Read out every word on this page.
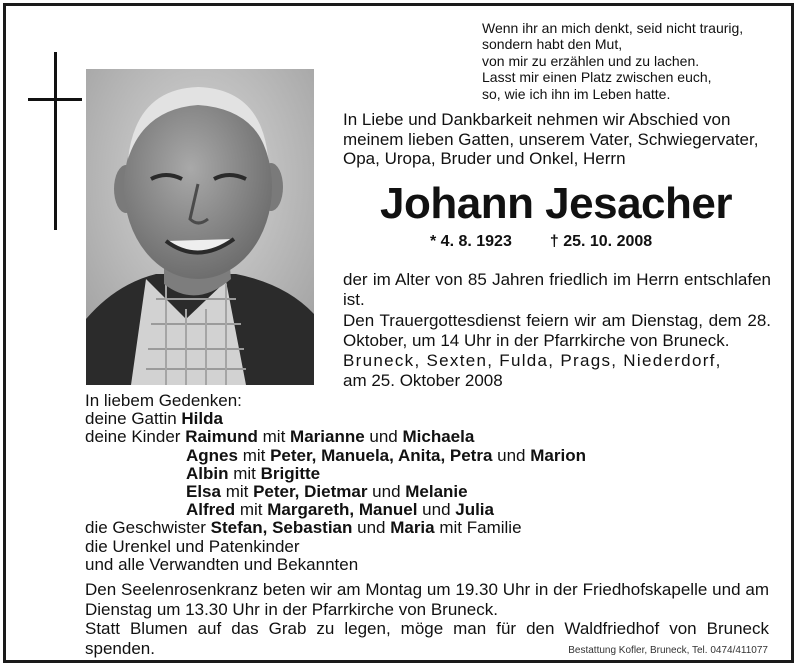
Wenn ihr an mich denkt, seid nicht traurig,
sondern habt den Mut,
von mir zu erzählen und zu lachen.
Lasst mir einen Platz zwischen euch,
so, wie ich ihn im Leben hatte.
In Liebe und Dankbarkeit nehmen wir Abschied von
meinem lieben Gatten, unserem Vater, Schwiegervater,
Opa, Uropa, Bruder und Onkel, Herrn
Johann Jesacher
* 4. 8. 1923 † 25. 10. 2008
der im Alter von 85 Jahren friedlich im Herrn entschlafen ist.
Den Trauergottesdienst feiern wir am Dienstag, dem 28. Oktober, um 14 Uhr in der Pfarrkirche von Bruneck.
Bruneck, Sexten, Fulda, Prags, Niederdorf,
am 25. Oktober 2008
In liebem Gedenken:
deine Gattin Hilda
deine Kinder Raimund mit Marianne und Michaela
Agnes mit Peter, Manuela, Anita, Petra und Marion
Albin mit Brigitte
Elsa mit Peter, Dietmar und Melanie
Alfred mit Margareth, Manuel und Julia
die Geschwister Stefan, Sebastian und Maria mit Familie
die Urenkel und Patenkinder
und alle Verwandten und Bekannten
Den Seelenrosenkranz beten wir am Montag um 19.30 Uhr in der Friedhofskapelle und am Dienstag um 13.30 Uhr in der Pfarrkirche von Bruneck.
Statt Blumen auf das Grab zu legen, möge man für den Waldfriedhof von Bruneck spenden.	Bestattung Kofler, Bruneck, Tel. 0474/411077
